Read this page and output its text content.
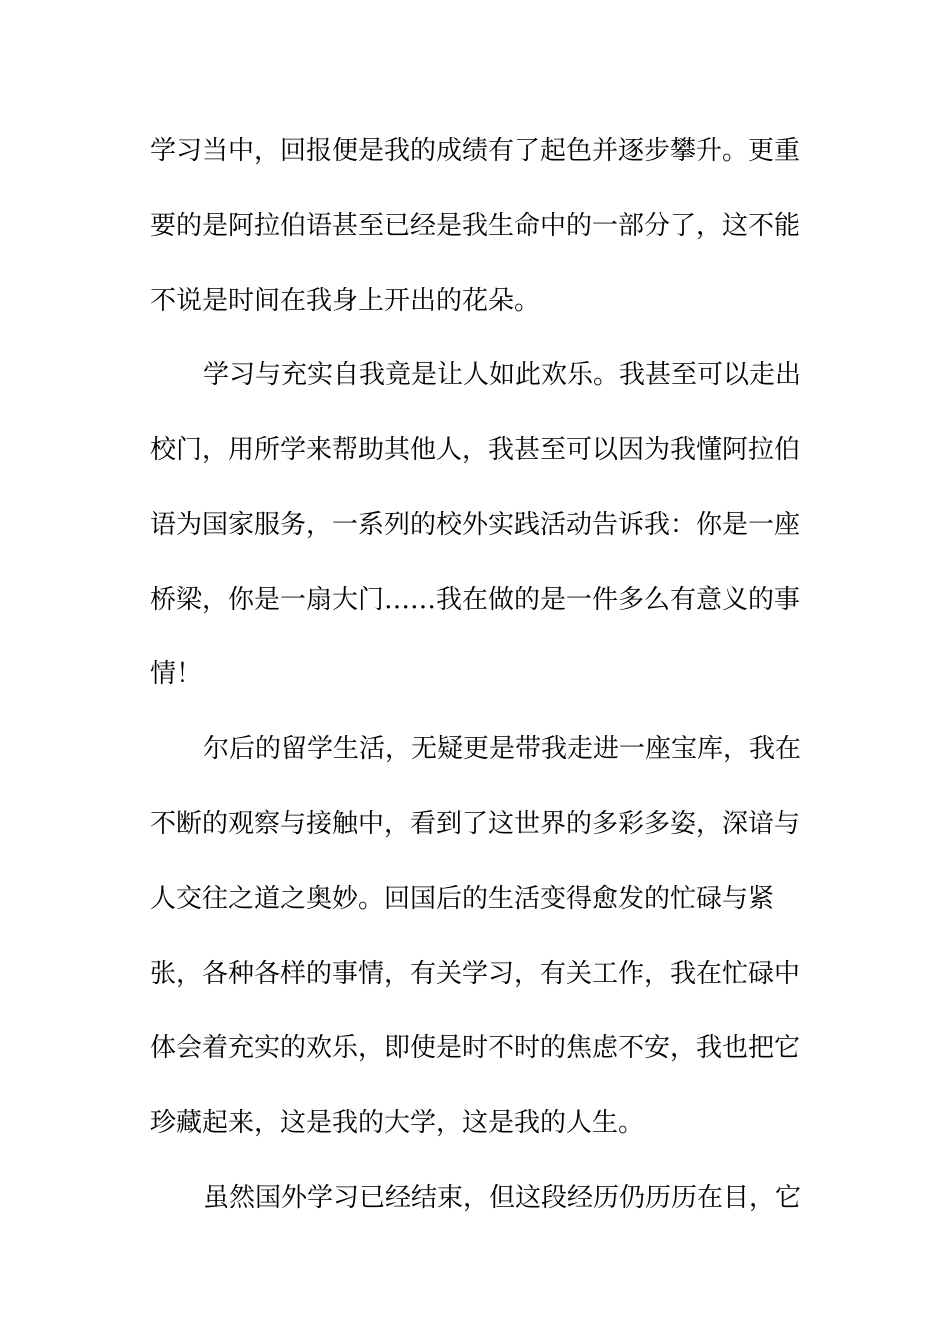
学习当中，回报便是我的成绩有了起色并逐步攀升。更重
要的是阿拉伯语甚至已经是我生命中的一部分了，这不能
不说是时间在我身上开出的花朵。
学习与充实自我竟是让人如此欢乐。我甚至可以走出
校门，用所学来帮助其他人，我甚至可以因为我懂阿拉伯
语为国家服务，一系列的校外实践活动告诉我：你是一座
桥梁，你是一扇大门……我在做的是一件多么有意义的事
情！
尔后的留学生活，无疑更是带我走进一座宝库，我在
不断的观察与接触中，看到了这世界的多彩多姿，深谙与
人交往之道之奥妙。回国后的生活变得愈发的忙碌与紧
张，各种各样的事情，有关学习，有关工作，我在忙碌中
体会着充实的欢乐，即使是时不时的焦虑不安，我也把它
珍藏起来，这是我的大学，这是我的人生。
虽然国外学习已经结束，但这段经历仍历历在目，它
